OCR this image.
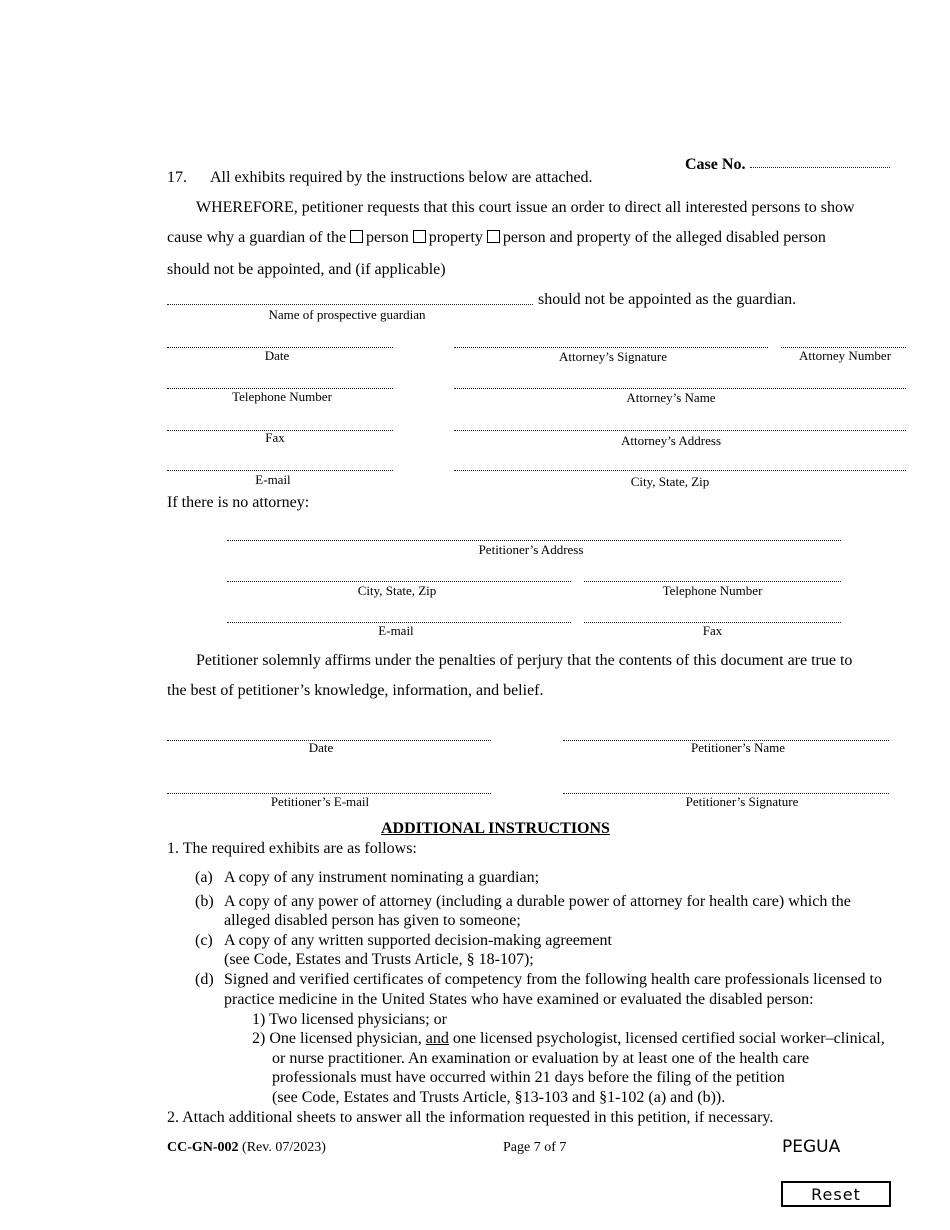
Case No.
17. All exhibits required by the instructions below are attached.
WHEREFORE, petitioner requests that this court issue an order to direct all interested persons to show
cause why a guardian of the person property person and property of the alleged disabled person
should not be appointed, and (if applicable)
should not be appointed as the guardian.
Name of prospective guardian
Date	Attorney’s Signature	Attorney Number
Telephone Number	Attorney’s Name
Fax	Attorney’s Address
E-mail	City, State, Zip
If there is no attorney:
Petitioner’s Address
City, State, Zip	Telephone Number
E-mail	Fax
Petitioner solemnly affirms under the penalties of perjury that the contents of this document are true to
the best of petitioner’s knowledge, information, and belief.
Date	Petitioner’s Name
Petitioner’s E-mail	Petitioner’s Signature
ADDITIONAL INSTRUCTIONS
1. The required exhibits are as follows:
(a) A copy of any instrument nominating a guardian;
(b) A copy of any power of attorney (including a durable power of attorney for health care) which the
alleged disabled person has given to someone;
(c) A copy of any written supported decision-making agreement
(see Code, Estates and Trusts Article, § 18-107);
(d) Signed and verified certificates of competency from the following health care professionals licensed to
practice medicine in the United States who have examined or evaluated the disabled person:
1) Two licensed physicians; or
2) One licensed physician, and one licensed psychologist, licensed certified social worker–clinical,
or nurse practitioner. An examination or evaluation by at least one of the health care
professionals must have occurred within 21 days before the filing of the petition
(see Code, Estates and Trusts Article, §13-103 and §1-102 (a) and (b)).
2. Attach additional sheets to answer all the information requested in this petition, if necessary.
CC-GN-002 (Rev. 07/2023)	Page 7 of 7	PEGUA
Reset
